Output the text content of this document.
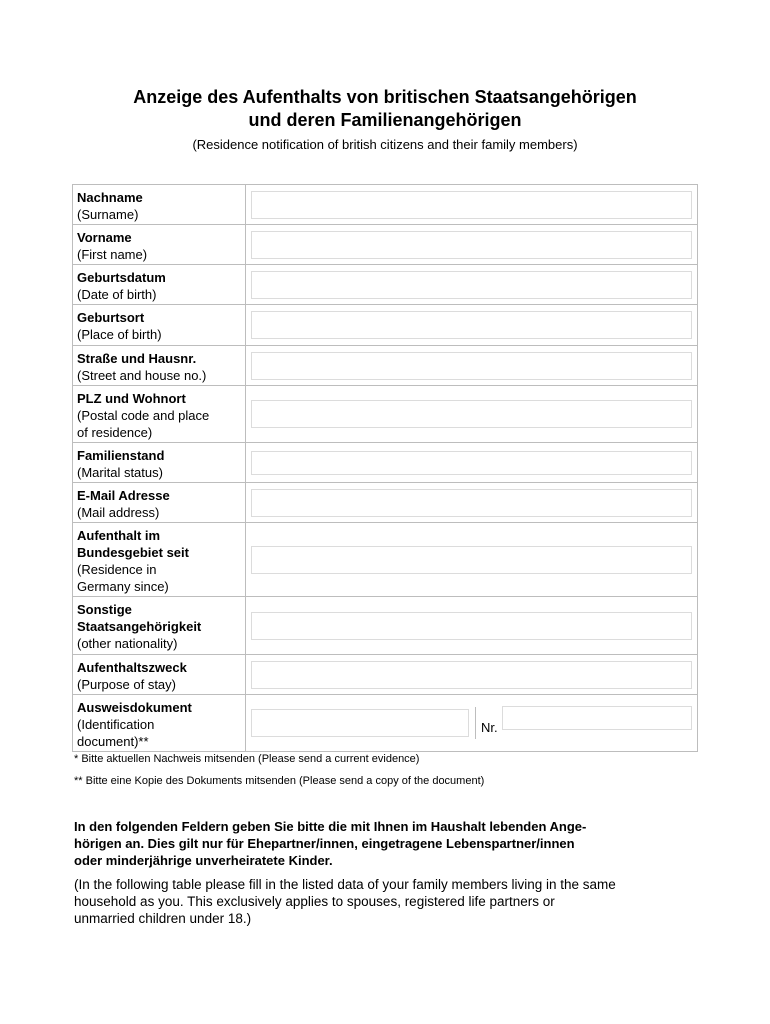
Anzeige des Aufenthalts von britischen Staatsangehörigen
und deren Familienangehörigen
(Residence notification of british citizens and their family members)
Nachname
(Surname)	

Vorname
(First name)	

Geburtsdatum
(Date of birth)	

Geburtsort
(Place of birth)	

Straße und Hausnr.
(Street and house no.)	

PLZ und Wohnort
(Postal code and place
of residence)	

Familienstand
(Marital status)	

E-Mail Adresse
(Mail address)	

Aufenthalt im
Bundesgebiet seit
(Residence in
Germany since)	

Sonstige
Staatsangehörigkeit
(other nationality)	

Aufenthaltszweck
(Purpose of stay)	

Ausweisdokument
(Identification
document)**	Nr.
* Bitte aktuellen Nachweis mitsenden (Please send a current evidence)
** Bitte eine Kopie des Dokuments mitsenden (Please send a copy of the document)
In den folgenden Feldern geben Sie bitte die mit Ihnen im Haushalt lebenden Ange-
hörigen an. Dies gilt nur für Ehepartner/innen, eingetragene Lebenspartner/innen
oder minderjährige unverheiratete Kinder.
(In the following table please fill in the listed data of your family members living in the same
household as you. This exclusively applies to spouses, registered life partners or
unmarried children under 18.)
